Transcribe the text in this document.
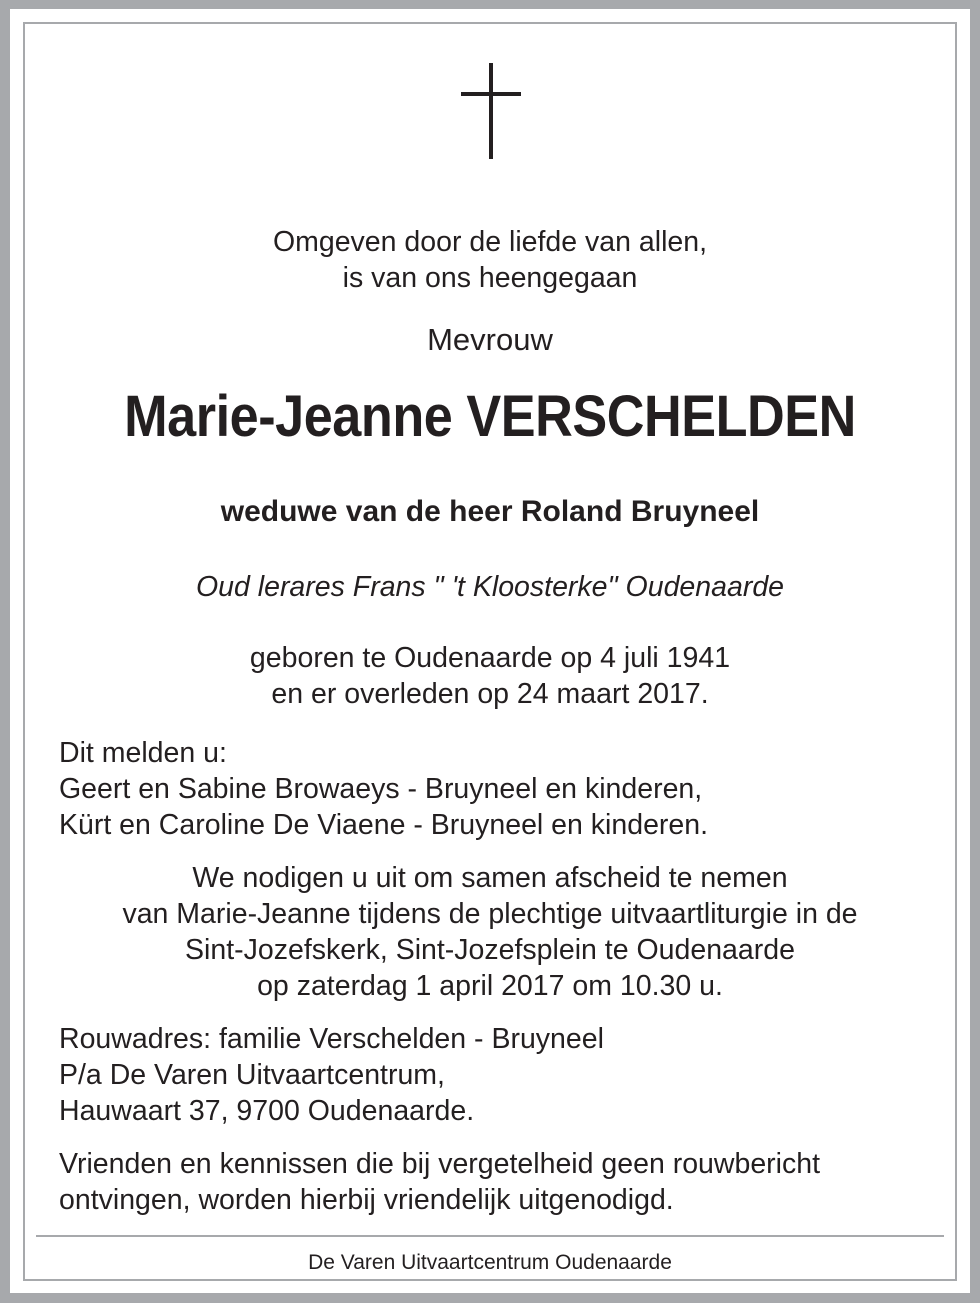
Omgeven door de liefde van allen,
is van ons heengegaan
Mevrouw
Marie-Jeanne VERSCHELDEN
weduwe van de heer Roland Bruyneel
Oud lerares Frans " 't Kloosterke" Oudenaarde
geboren te Oudenaarde op 4 juli 1941
en er overleden op 24 maart 2017.
Dit melden u:
Geert en Sabine Browaeys - Bruyneel en kinderen,
Kürt en Caroline De Viaene - Bruyneel en kinderen.
We nodigen u uit om samen afscheid te nemen
van Marie-Jeanne tijdens de plechtige uitvaartliturgie in de
Sint-Jozefskerk, Sint-Jozefsplein te Oudenaarde
op zaterdag 1 april 2017 om 10.30 u.
Rouwadres: familie Verschelden - Bruyneel
P/a De Varen Uitvaartcentrum,
Hauwaart 37, 9700 Oudenaarde.
Vrienden en kennissen die bij vergetelheid geen rouwbericht
ontvingen, worden hierbij vriendelijk uitgenodigd.
De Varen Uitvaartcentrum Oudenaarde
